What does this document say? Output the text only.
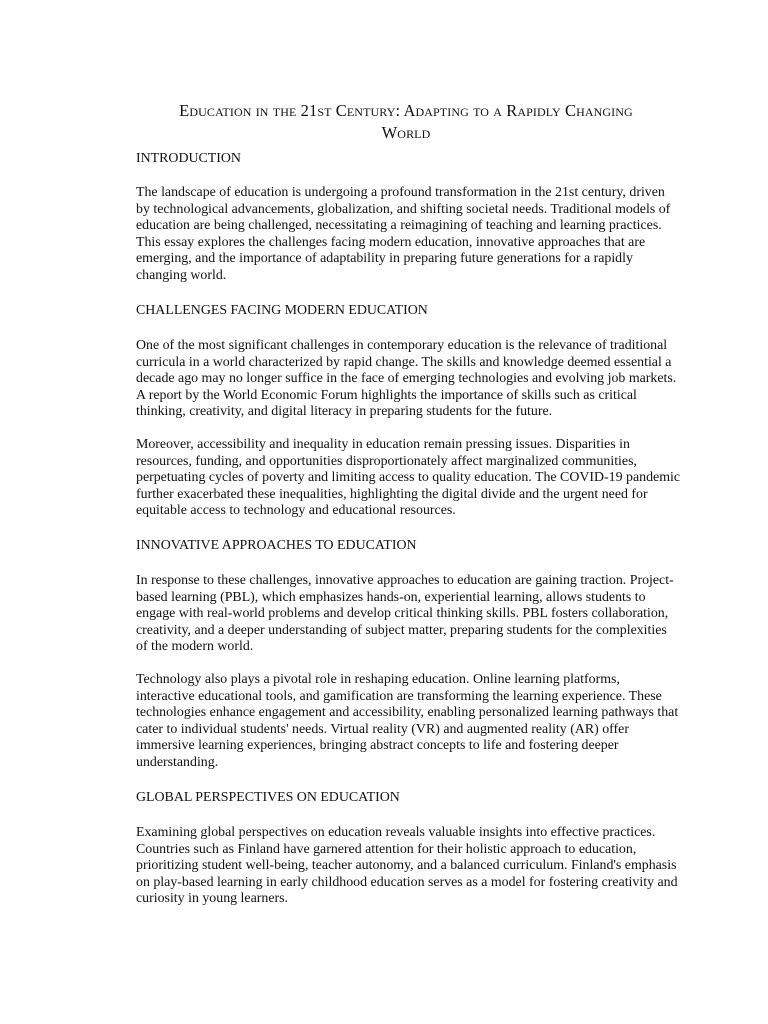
Education in the 21st Century: Adapting to a Rapidly Changing
World
INTRODUCTION
The landscape of education is undergoing a profound transformation in the 21st century, driven
by technological advancements, globalization, and shifting societal needs. Traditional models of
education are being challenged, necessitating a reimagining of teaching and learning practices.
This essay explores the challenges facing modern education, innovative approaches that are
emerging, and the importance of adaptability in preparing future generations for a rapidly
changing world.
CHALLENGES FACING MODERN EDUCATION
One of the most significant challenges in contemporary education is the relevance of traditional
curricula in a world characterized by rapid change. The skills and knowledge deemed essential a
decade ago may no longer suffice in the face of emerging technologies and evolving job markets.
A report by the World Economic Forum highlights the importance of skills such as critical
thinking, creativity, and digital literacy in preparing students for the future.
Moreover, accessibility and inequality in education remain pressing issues. Disparities in
resources, funding, and opportunities disproportionately affect marginalized communities,
perpetuating cycles of poverty and limiting access to quality education. The COVID-19 pandemic
further exacerbated these inequalities, highlighting the digital divide and the urgent need for
equitable access to technology and educational resources.
INNOVATIVE APPROACHES TO EDUCATION
In response to these challenges, innovative approaches to education are gaining traction. Project-
based learning (PBL), which emphasizes hands-on, experiential learning, allows students to
engage with real-world problems and develop critical thinking skills. PBL fosters collaboration,
creativity, and a deeper understanding of subject matter, preparing students for the complexities
of the modern world.
Technology also plays a pivotal role in reshaping education. Online learning platforms,
interactive educational tools, and gamification are transforming the learning experience. These
technologies enhance engagement and accessibility, enabling personalized learning pathways that
cater to individual students' needs. Virtual reality (VR) and augmented reality (AR) offer
immersive learning experiences, bringing abstract concepts to life and fostering deeper
understanding.
GLOBAL PERSPECTIVES ON EDUCATION
Examining global perspectives on education reveals valuable insights into effective practices.
Countries such as Finland have garnered attention for their holistic approach to education,
prioritizing student well-being, teacher autonomy, and a balanced curriculum. Finland's emphasis
on play-based learning in early childhood education serves as a model for fostering creativity and
curiosity in young learners.
